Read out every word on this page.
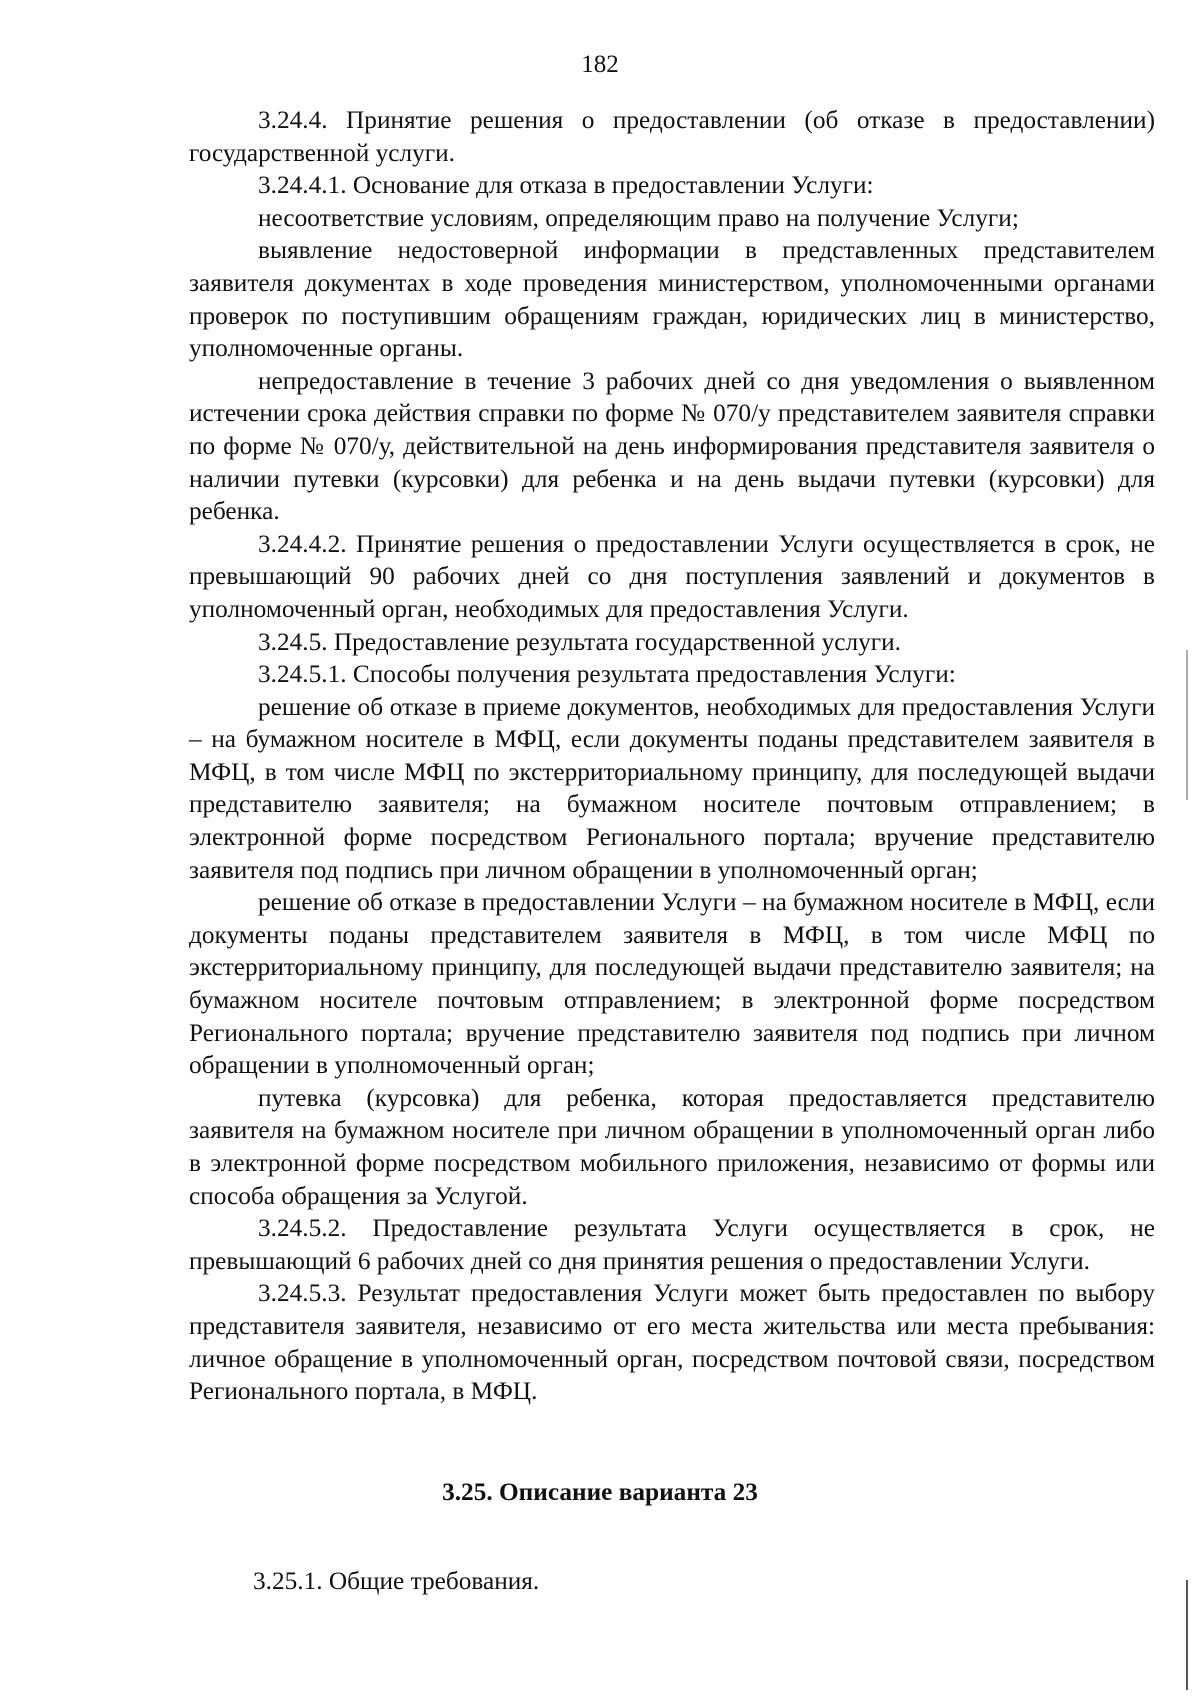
182

3.24.4. Принятие решения о предоставлении (об отказе в предоставлении) государственной услуги.

3.24.4.1. Основание для отказа в предоставлении Услуги:

несоответствие условиям, определяющим право на получение Услуги;

выявление недостоверной информации в представленных представителем заявителя документах в ходе проведения министерством, уполномоченными органами проверок по поступившим обращениям граждан, юридических лиц в министерство, уполномоченные органы.

непредоставление в течение 3 рабочих дней со дня уведомления о выявленном истечении срока действия справки по форме № 070/у представителем заявителя справки по форме № 070/у, действительной на день информирования представителя заявителя о наличии путевки (курсовки) для ребенка и на день выдачи путевки (курсовки) для ребенка.

3.24.4.2. Принятие решения о предоставлении Услуги осуществляется в срок, не превышающий 90 рабочих дней со дня поступления заявлений и документов в уполномоченный орган, необходимых для предоставления Услуги.

3.24.5. Предоставление результата государственной услуги.

3.24.5.1. Способы получения результата предоставления Услуги:

решение об отказе в приеме документов, необходимых для предоставления Услуги – на бумажном носителе в МФЦ, если документы поданы представителем заявителя в МФЦ, в том числе МФЦ по экстерриториальному принципу, для последующей выдачи представителю заявителя; на бумажном носителе почтовым отправлением; в электронной форме посредством Регионального портала; вручение представителю заявителя под подпись при личном обращении в уполномоченный орган;

решение об отказе в предоставлении Услуги – на бумажном носителе в МФЦ, если документы поданы представителем заявителя в МФЦ, в том числе МФЦ по экстерриториальному принципу, для последующей выдачи представителю заявителя; на бумажном носителе почтовым отправлением; в электронной форме посредством Регионального портала; вручение представителю заявителя под подпись при личном обращении в уполномоченный орган;

путевка (курсовка) для ребенка, которая предоставляется представителю заявителя на бумажном носителе при личном обращении в уполномоченный орган либо в электронной форме посредством мобильного приложения, независимо от формы или способа обращения за Услугой.

3.24.5.2. Предоставление результата Услуги осуществляется в срок, не превышающий 6 рабочих дней со дня принятия решения о предоставлении Услуги.

3.24.5.3. Результат предоставления Услуги может быть предоставлен по выбору представителя заявителя, независимо от его места жительства или места пребывания: личное обращение в уполномоченный орган, посредством почтовой связи, посредством Регионального портала, в МФЦ.

3.25. Описание варианта 23
3.25.1. Общие требования.
